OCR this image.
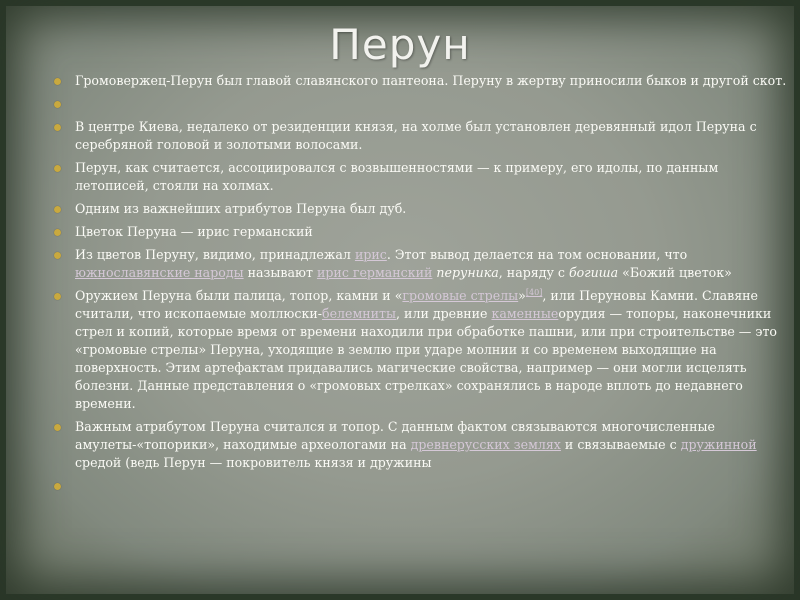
Перун
Громовержец-Перун был главой славянского пантеона. Перуну в жертву приносили быков и другой скот.
В центре Киева, недалеко от резиденции князя, на холме был установлен деревянный идол Перуна с серебряной головой и золотыми волосами.
Перун, как считается, ассоциировался с возвышенностями — к примеру, его идолы, по данным летописей, стояли на холмах.
Одним из важнейших атрибутов Перуна был дуб.
Цветок Перуна — ирис германский
Из цветов Перуну, видимо, принадлежал ирис. Этот вывод делается на том основании, что южнославянские народы называют ирис германский перуника, наряду с богиша «Божий цветок»
Оружием Перуна были палица, топор, камни и «громовые стрелы»[40], или Перуновы Камни. Славяне считали, что ископаемые моллюски-белемниты, или древние каменныеорудия — топоры, наконечники стрел и копий, которые время от времени находили при обработке пашни, или при строительстве — это «громовые стрелы» Перуна, уходящие в землю при ударе молнии и со временем выходящие на поверхность. Этим артефактам придавались магические свойства, например — они могли исцелять болезни. Данные представления о «громовых стрелках» сохранялись в народе вплоть до недавнего времени.
Важным атрибутом Перуна считался и топор. С данным фактом связываются многочисленные амулеты-«топорики», находимые археологами на древнерусских землях и связываемые с дружинной средой (ведь Перун — покровитель князя и дружины
